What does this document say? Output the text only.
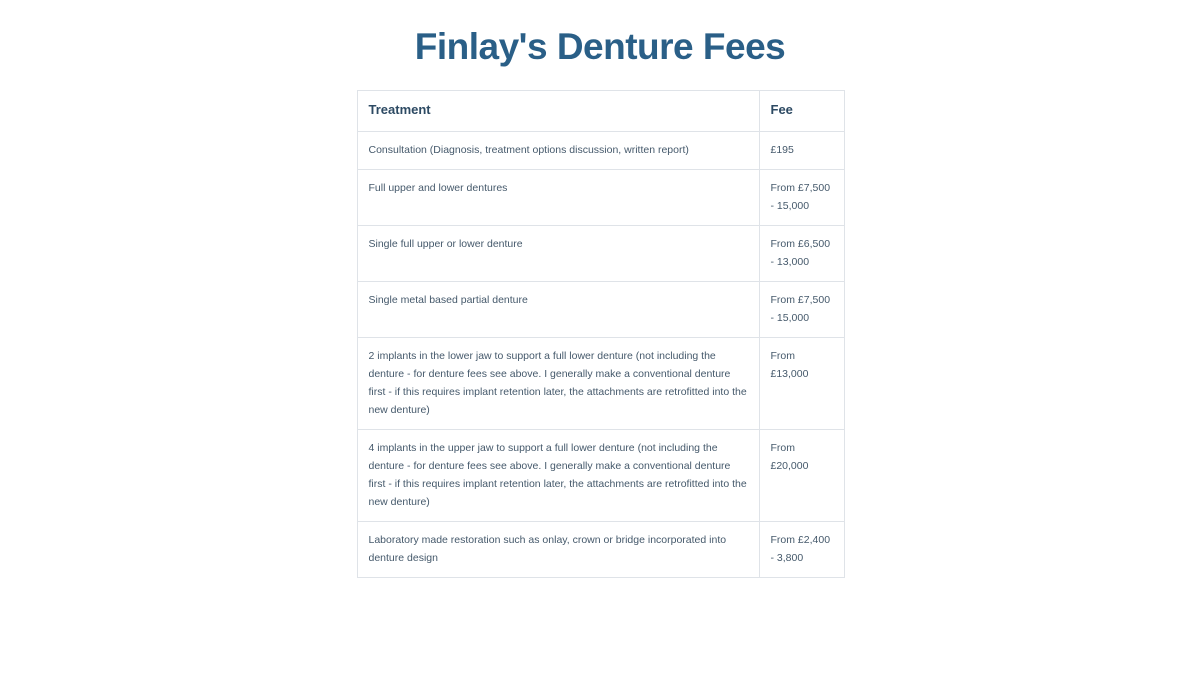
Finlay's Denture Fees
Treatment	Fee
Consultation (Diagnosis, treatment options discussion, written report)	£195
Full upper and lower dentures	From £7,500 - 15,000
Single full upper or lower denture	From £6,500 - 13,000
Single metal based partial denture	From £7,500 - 15,000
2 implants in the lower jaw to support a full lower denture (not including the denture - for denture fees see above. I generally make a conventional denture first - if this requires implant retention later, the attachments are retrofitted into the new denture)	From £13,000
4 implants in the upper jaw to support a full lower denture (not including the denture - for denture fees see above. I generally make a conventional denture first - if this requires implant retention later, the attachments are retrofitted into the new denture)	From £20,000
Laboratory made restoration such as onlay, crown or bridge incorporated into denture design	From £2,400 - 3,800
